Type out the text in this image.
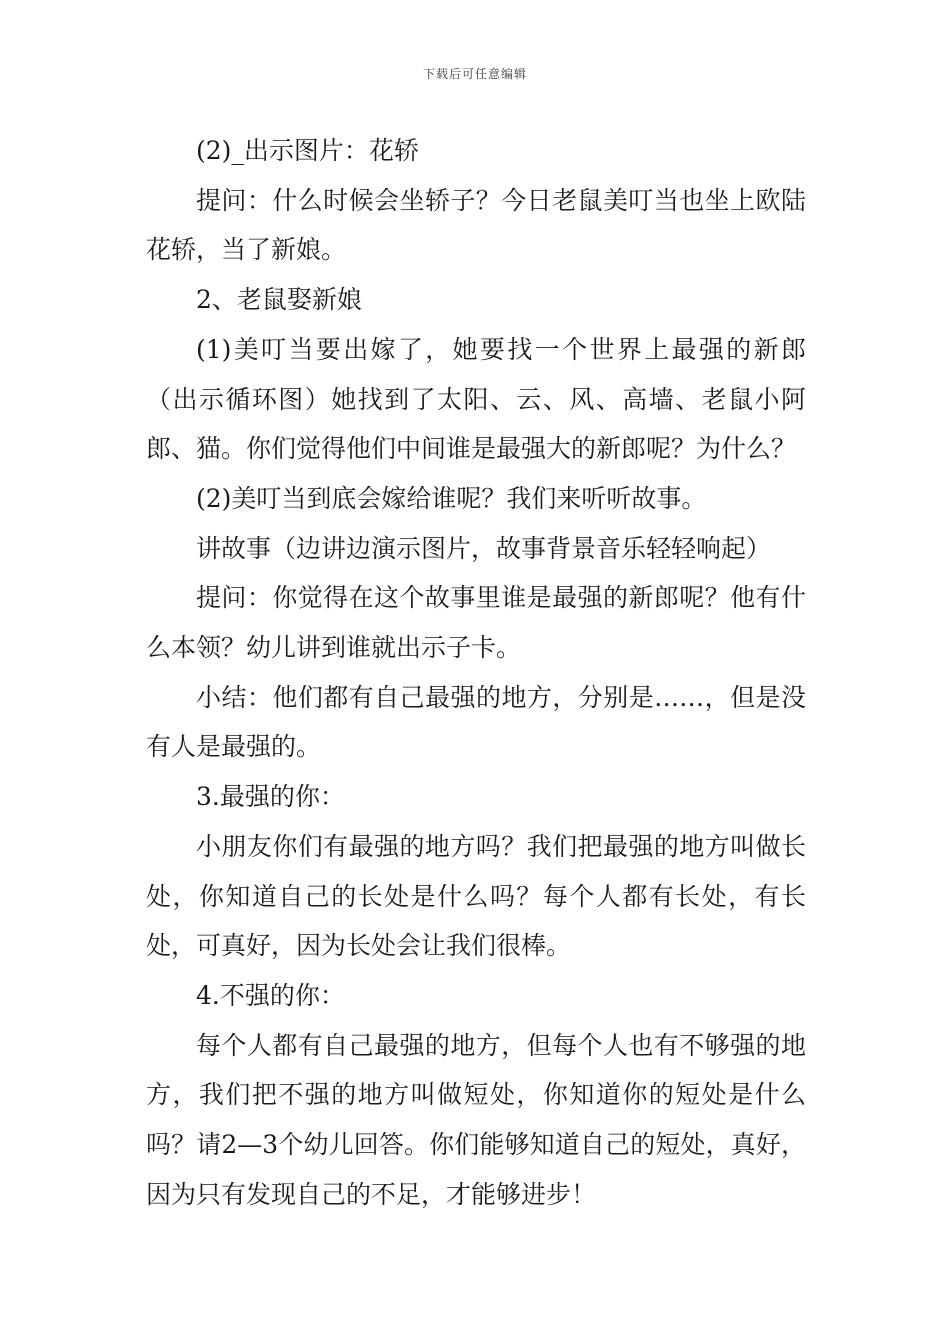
下载后可任意编辑

(2)_出示图片：花轿

提问：什么时候会坐轿子？今日老鼠美叮当也坐上欧陆花轿，当了新娘。

2、老鼠娶新娘

(1)美叮当要出嫁了，她要找一个世界上最强的新郎（出示循环图）她找到了太阳、云、风、高墙、老鼠小阿郎、猫。你们觉得他们中间谁是最强大的新郎呢？为什么？

(2)美叮当到底会嫁给谁呢？我们来听听故事。

讲故事（边讲边演示图片，故事背景音乐轻轻响起）

提问：你觉得在这个故事里谁是最强的新郎呢？他有什么本领？幼儿讲到谁就出示子卡。

小结：他们都有自己最强的地方，分别是……，但是没有人是最强的。

3.最强的你：

小朋友你们有最强的地方吗？我们把最强的地方叫做长处，你知道自己的长处是什么吗？每个人都有长处，有长处，可真好，因为长处会让我们很棒。

4.不强的你：

每个人都有自己最强的地方，但每个人也有不够强的地方，我们把不强的地方叫做短处，你知道你的短处是什么吗？请2—3个幼儿回答。你们能够知道自己的短处，真好，因为只有发现自己的不足，才能够进步！
